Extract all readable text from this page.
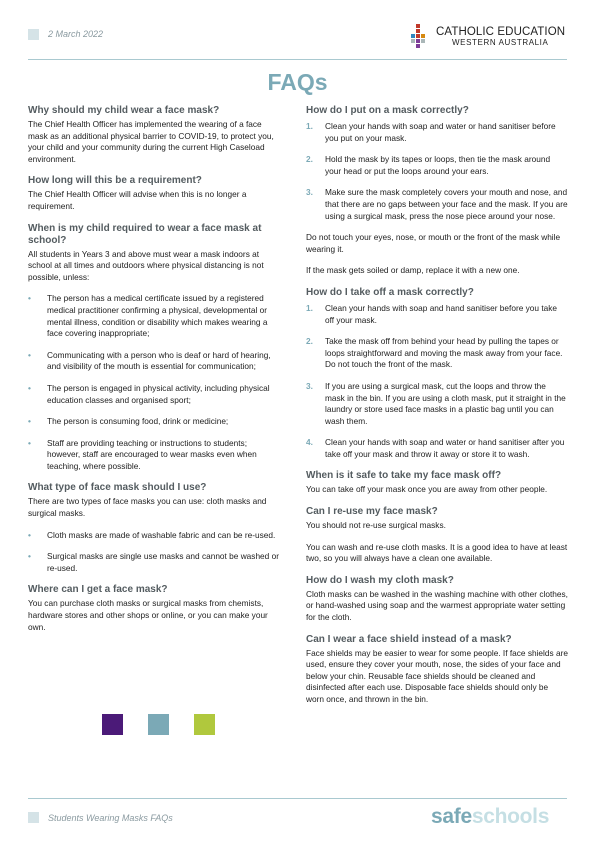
2 March 2022	CATHOLIC EDUCATION
WESTERN AUSTRALIA
FAQs
Why should my child wear a face mask?

The Chief Health Officer has implemented the wearing of a face mask as an additional physical barrier to COVID-19, to protect you, your child and your community during the current High Caseload environment.

How long will this be a requirement?

The Chief Health Officer will advise when this is no longer a requirement.

When is my child required to wear a face mask at school?

All students in Years 3 and above must wear a mask indoors at school at all times and outdoors where physical distancing is not possible, unless:

• The person has a medical certificate issued by a registered medical practitioner confirming a physical, developmental or mental illness, condition or disability which makes wearing a face covering inappropriate;
• Communicating with a person who is deaf or hard of hearing, and visibility of the mouth is essential for communication;
• The person is engaged in physical activity, including physical education classes and organised sport;
• The person is consuming food, drink or medicine;
• Staff are providing teaching or instructions to students; however, staff are encouraged to wear masks even when teaching, where possible.
What type of face mask should I use?

There are two types of face masks you can use: cloth masks and surgical masks.

• Cloth masks are made of washable fabric and can be re-used.
• Surgical masks are single use masks and cannot be washed or re-used.
Where can I get a face mask?

You can purchase cloth masks or surgical masks from chemists, hardware stores and other shops or online, or you can make your own.

How do I put on a mask correctly?
1. Clean your hands with soap and water or hand sanitiser before you put on your mask.
2. Hold the mask by its tapes or loops, then tie the mask around your head or put the loops around your ears.
3. Make sure the mask completely covers your mouth and nose, and that there are no gaps between your face and the mask. If you are using a surgical mask, press the nose piece around your nose.

Do not touch your eyes, nose, or mouth or the front of the mask while wearing it.

If the mask gets soiled or damp, replace it with a new one.

How do I take off a mask correctly?
1. Clean your hands with soap and hand sanitiser before you take off your mask.
2. Take the mask off from behind your head by pulling the tapes or loops straightforward and moving the mask away from your face. Do not touch the front of the mask.
3. If you are using a surgical mask, cut the loops and throw the mask in the bin. If you are using a cloth mask, put it straight in the laundry or store used face masks in a plastic bag until you can wash them.
4. Clean your hands with soap and water or hand sanitiser after you take off your mask and throw it away or store it to wash.
When is it safe to take my face mask off?

You can take off your mask once you are away from other people.

Can I re-use my face mask?

You should not re-use surgical masks.

You can wash and re-use cloth masks. It is a good idea to have at least two, so you will always have a clean one available.

How do I wash my cloth mask?

Cloth masks can be washed in the washing machine with other clothes, or hand-washed using soap and the warmest appropriate water setting for the cloth.

Can I wear a face shield instead of a mask?

Face shields may be easier to wear for some people. If face shields are used, ensure they cover your mouth, nose, the sides of your face and below your chin. Reusable face shields should be cleaned and disinfected after each use. Disposable face shields should only be worn once, and thrown in the bin.

Students Wearing Masks FAQs	safeschools
